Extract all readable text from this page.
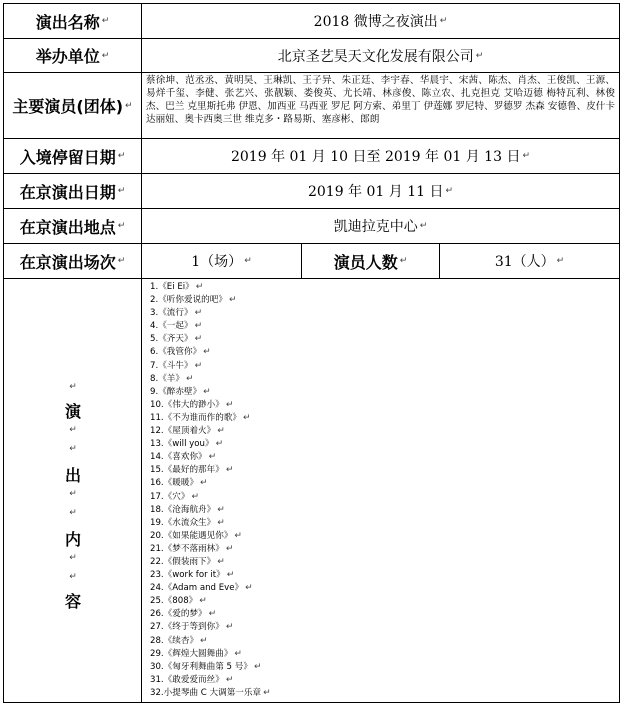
演出名称 ↵	2018 微博之夜演出 ↵
举办单位 ↵	北京圣艺昊天文化发展有限公司 ↵
主要演员(团体) ↵
蔡徐坤、范丞丞、黄明昊、王琳凯、王子异、朱正廷、李宇春、华晨宇、宋茜、陈杰、肖杰、王俊凯、王源、易烊千玺、李健、张艺兴、张靓颖、娄俊英、尤长靖、林彦俊、陈立农、扎克担克 艾哈迈德 梅特瓦利、林俊杰、巴兰 克里斯托弗 伊恩、加西亚 马西亚 罗尼 阿方索、弟里丁 伊莲娜 罗尼特、罗德罗 杰森 安德鲁、皮什卡 达丽妞、奥卡西奥三世 维克多・路易斯、塞彦彬、郎朗
入境停留日期 ↵	2019 年 01 月 10 日至 2019 年 01 月 13 日 ↵
在京演出日期 ↵	2019 年 01 月 11 日 ↵
在京演出地点 ↵	凯迪拉克中心 ↵
在京演出场次 ↵	1（场） ↵	演员人数 ↵	31（人） ↵
↵
演
↵
↵
出
↵
↵
内
↵
↵
容
1.《Ei Ei》 ↵
2.《听你爱说的吧》 ↵
3.《流行》 ↵
4.《一起》 ↵
5.《齐天》 ↵
6.《我管你》 ↵
7.《斗牛》 ↵
8.《羊》 ↵
9.《醉赤壁》 ↵
10.《伟大的渺小》 ↵
11.《不为谁而作的歌》 ↵
12.《屋顶着火》 ↵
13.《will you》 ↵
14.《喜欢你》 ↵
15.《最好的那年》 ↵
16.《暖暖》 ↵
17.《穴》 ↵
18.《沧海航舟》 ↵
19.《水流众生》 ↵
20.《如果能遇见你》 ↵
21.《梦不落雨林》 ↵
22.《假装雨下》 ↵
23.《work for it》 ↵
24.《Adam and Eve》 ↵
25.《808》 ↵
26.《爱的梦》 ↵
27.《终于等到你》 ↵
28.《续杏》 ↵
29.《辉煌大圆舞曲》 ↵
30.《匈牙利舞曲第 5 号》 ↵
31.《敢爱爱而丝》 ↵
32.小提琴曲 C 大调第一乐章 ↵
